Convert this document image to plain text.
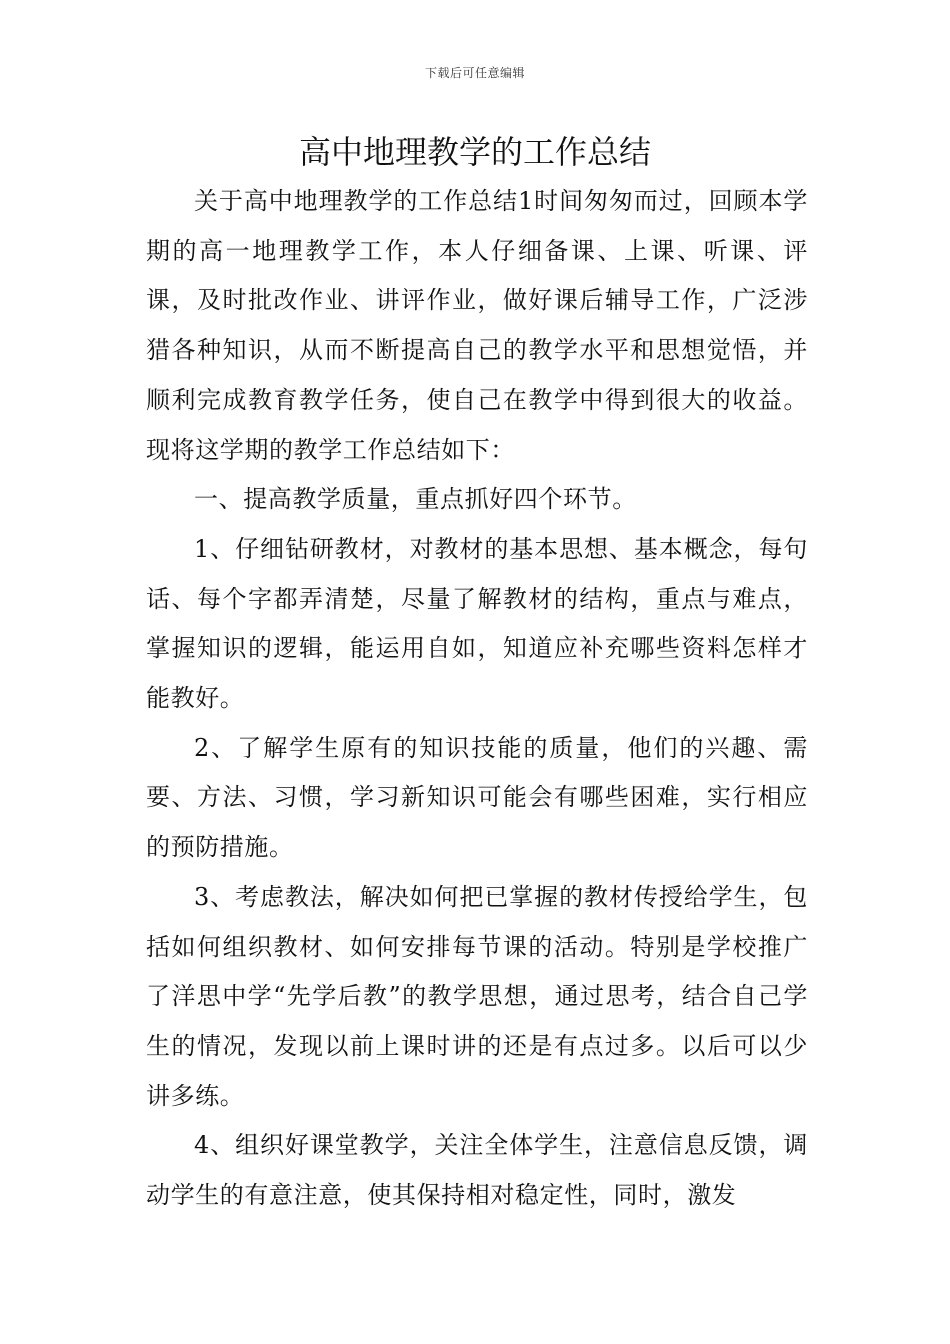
下载后可任意编辑
高中地理教学的工作总结

关于高中地理教学的工作总结1时间匆匆而过，回顾本学期的高一地理教学工作，本人仔细备课、上课、听课、评课，及时批改作业、讲评作业，做好课后辅导工作，广泛涉猎各种知识，从而不断提高自己的教学水平和思想觉悟，并顺利完成教育教学任务，使自己在教学中得到很大的收益。现将这学期的教学工作总结如下：

一、提高教学质量，重点抓好四个环节。

1、仔细钻研教材，对教材的基本思想、基本概念，每句话、每个字都弄清楚，尽量了解教材的结构，重点与难点，掌握知识的逻辑，能运用自如，知道应补充哪些资料怎样才能教好。

2、了解学生原有的知识技能的质量，他们的兴趣、需要、方法、习惯，学习新知识可能会有哪些困难，实行相应的预防措施。

3、考虑教法，解决如何把已掌握的教材传授给学生，包括如何组织教材、如何安排每节课的活动。特别是学校推广了洋思中学“先学后教”的教学思想，通过思考，结合自己学生的情况，发现以前上课时讲的还是有点过多。以后可以少讲多练。

4、组织好课堂教学，关注全体学生，注意信息反馈，调动学生的有意注意，使其保持相对稳定性，同时，激发
